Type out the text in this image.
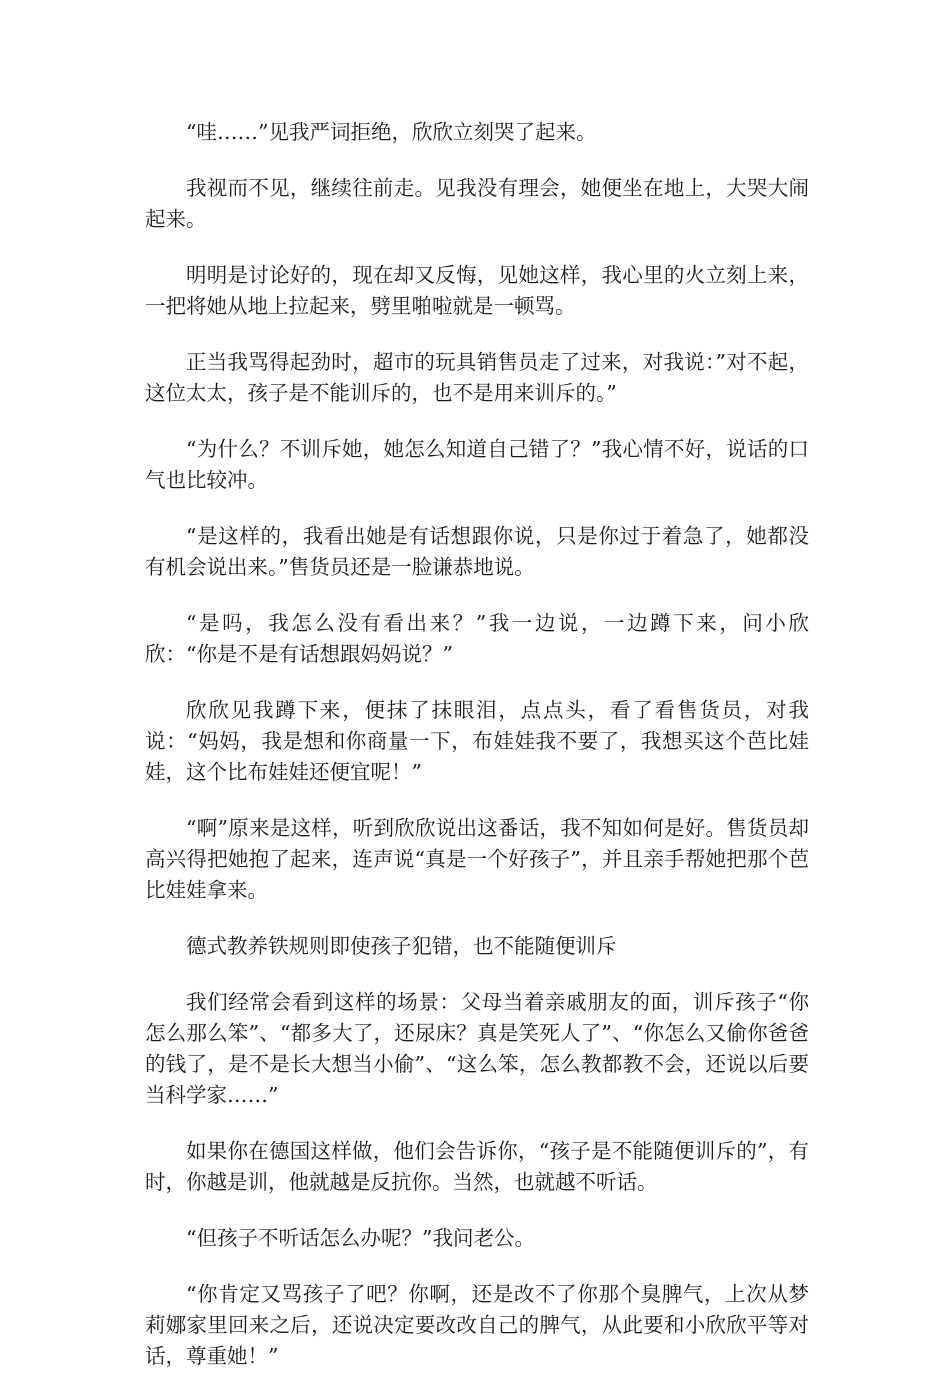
“哇……”见我严词拒绝，欣欣立刻哭了起来。

我视而不见，继续往前走。见我没有理会，她便坐在地上，大哭大闹起来。

明明是讨论好的，现在却又反悔，见她这样，我心里的火立刻上来，一把将她从地上拉起来，劈里啪啦就是一顿骂。

正当我骂得起劲时，超市的玩具销售员走了过来，对我说：”对不起，这位太太，孩子是不能训斥的，也不是用来训斥的。”

“为什么？不训斥她，她怎么知道自己错了？”我心情不好，说话的口气也比较冲。

“是这样的，我看出她是有话想跟你说，只是你过于着急了，她都没有机会说出来。”售货员还是一脸谦恭地说。

“是吗，我怎么没有看出来？”我一边说，一边蹲下来，问小欣欣：“你是不是有话想跟妈妈说？”

欣欣见我蹲下来，便抹了抹眼泪，点点头，看了看售货员，对我说：“妈妈，我是想和你商量一下，布娃娃我不要了，我想买这个芭比娃娃，这个比布娃娃还便宜呢！”

“啊”原来是这样，听到欣欣说出这番话，我不知如何是好。售货员却高兴得把她抱了起来，连声说“真是一个好孩子”，并且亲手帮她把那个芭比娃娃拿来。

德式教养铁规则即使孩子犯错，也不能随便训斥

我们经常会看到这样的场景：父母当着亲戚朋友的面，训斥孩子“你怎么那么笨”、“都多大了，还尿床？真是笑死人了”、“你怎么又偷你爸爸的钱了，是不是长大想当小偷”、“这么笨，怎么教都教不会，还说以后要当科学家……”

如果你在德国这样做，他们会告诉你，“孩子是不能随便训斥的”，有时，你越是训，他就越是反抗你。当然，也就越不听话。

“但孩子不听话怎么办呢？”我问老公。

“你肯定又骂孩子了吧？你啊，还是改不了你那个臭脾气，上次从梦莉娜家里回来之后，还说决定要改改自己的脾气，从此要和小欣欣平等对话，尊重她！”
